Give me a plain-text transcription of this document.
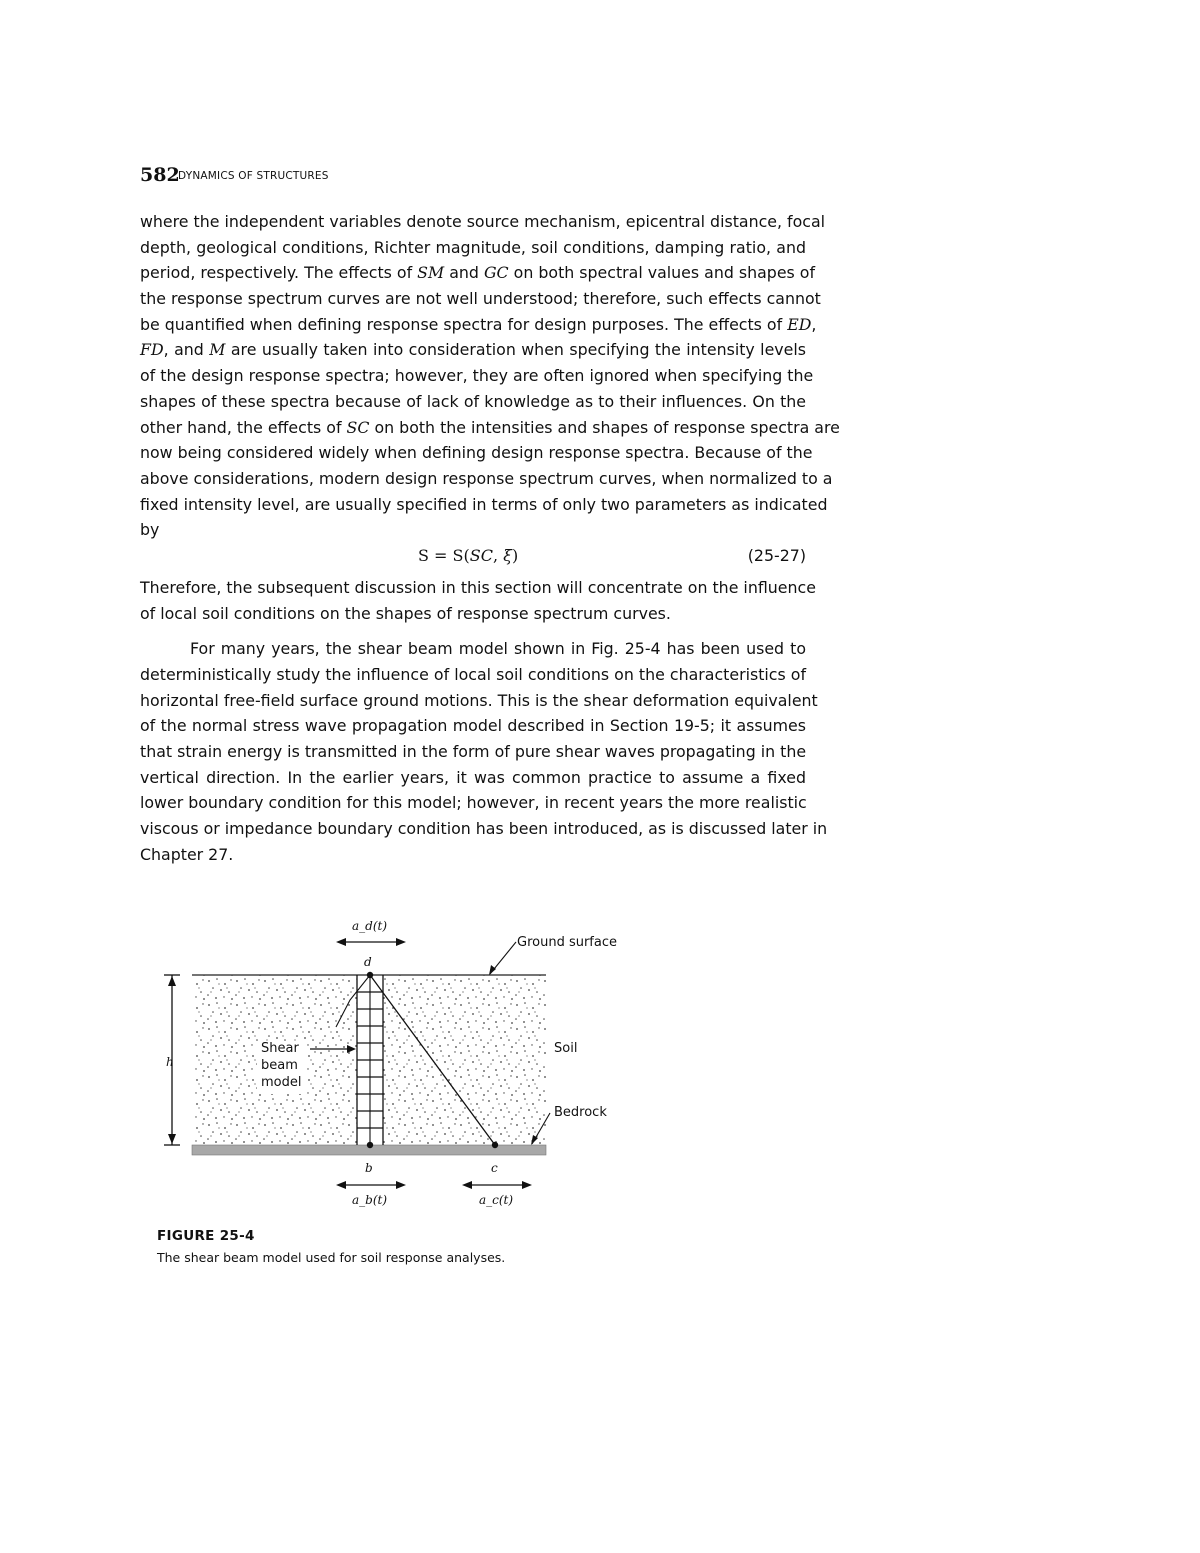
582
DYNAMICS OF STRUCTURES
where the independent variables denote source mechanism, epicentral distance, focal
depth, geological conditions, Richter magnitude, soil conditions, damping ratio, and
period, respectively. The effects of SM and GC on both spectral values and shapes of
the response spectrum curves are not well understood; therefore, such effects cannot
be quantified when defining response spectra for design purposes. The effects of ED,
FD, and M are usually taken into consideration when specifying the intensity levels
of the design response spectra; however, they are often ignored when specifying the
shapes of these spectra because of lack of knowledge as to their influences. On the
other hand, the effects of SC on both the intensities and shapes of response spectra are
now being considered widely when defining design response spectra. Because of the
above considerations, modern design response spectrum curves, when normalized to a
fixed intensity level, are usually specified in terms of only two parameters as indicated
by
S = S(SC, ξ)	(25-27)
Therefore, the subsequent discussion in this section will concentrate on the influence
of local soil conditions on the shapes of response spectrum curves.
For many years, the shear beam model shown in Fig. 25-4 has been used to
deterministically study the influence of local soil conditions on the characteristics of
horizontal free-field surface ground motions. This is the shear deformation equivalent
of the normal stress wave propagation model described in Section 19-5; it assumes
that strain energy is transmitted in the form of pure shear waves propagating in the
vertical direction. In the earlier years, it was common practice to assume a fixed
lower boundary condition for this model; however, in recent years the more realistic
viscous or impedance boundary condition has been introduced, as is discussed later in
Chapter 27.
a_d(t)
d
Ground surface
h
Shear
beam
model
Soil
Bedrock
b	c
a_b(t)	a_c(t)
FIGURE 25-4
The shear beam model used for soil response analyses.
